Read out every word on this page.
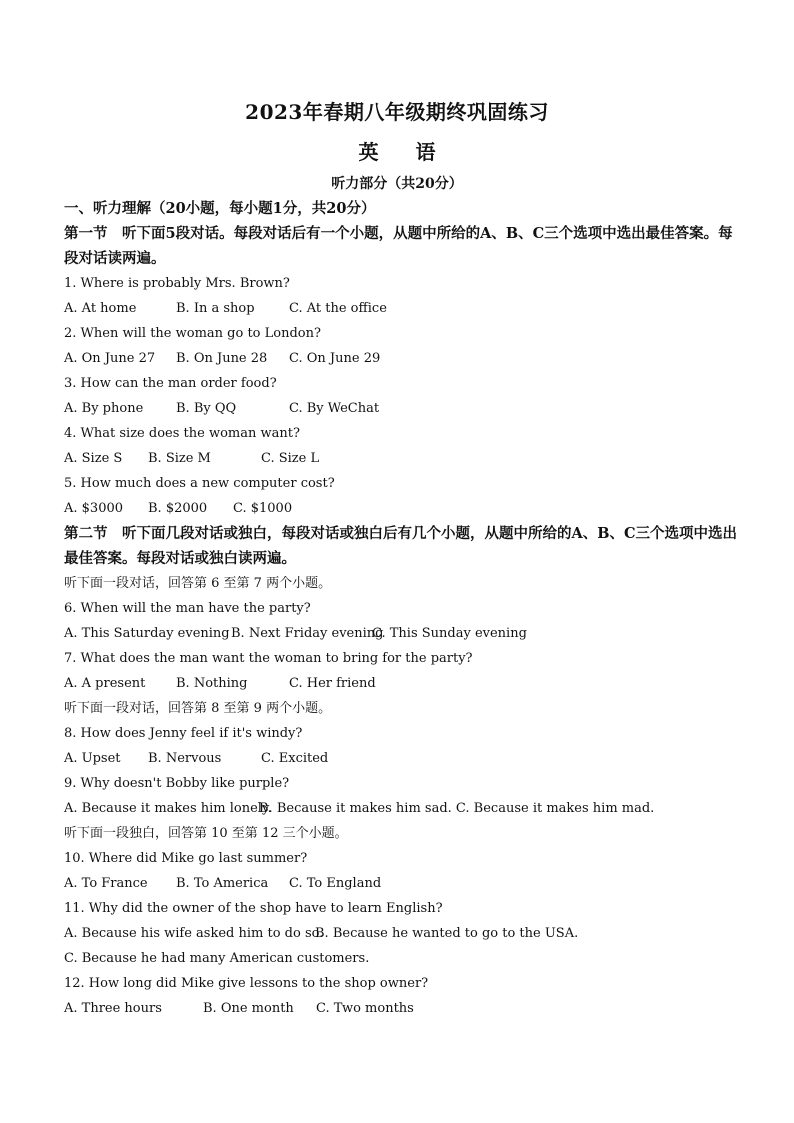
2023年春期八年级期终巩固练习
英 语
听力部分（共20分）
一、听力理解（20小题，每小题1分，共20分）
第一节　听下面5段对话。每段对话后有一个小题，从题中所给的A、B、C三个选项中选出最佳答案。每段对话读两遍。
1. Where is probably Mrs. Brown?
A. At home	B. In a shop	C. At the office
2. When will the woman go to London?
A. On June 27	B. On June 28	C. On June 29
3. How can the man order food?
A. By phone	B. By QQ	C. By WeChat
4. What size does the woman want?
A. Size S	B. Size M	C. Size L
5. How much does a new computer cost?
A. $3000	B. $2000	C. $1000
第二节　听下面几段对话或独白，每段对话或独白后有几个小题，从题中所给的A、B、C三个选项中选出最佳答案。每段对话或独白读两遍。
听下面一段对话，回答第 6 至第 7 两个小题。
6. When will the man have the party?
A. This Saturday evening B. Next Friday evening
C. This Sunday evening
7. What does the man want the woman to bring for the party?
A. A present	B. Nothing	C. Her friend
听下面一段对话，回答第 8 至第 9 两个小题。
8. How does Jenny feel if it's windy?
A. Upset	B. Nervous	C. Excited
9. Why doesn't Bobby like purple?
A. Because it makes him lonely.
B. Because it makes him sad. C. Because it makes him mad.
听下面一段独白，回答第 10 至第 12 三个小题。
10. Where did Mike go last summer?
A. To France	B. To America	C. To England
11. Why did the owner of the shop have to learn English?
A. Because his wife asked him to do so.
B. Because he wanted to go to the USA.
C. Because he had many American customers.
12. How long did Mike give lessons to the shop owner?
A. Three hours	B. One month	C. Two months
